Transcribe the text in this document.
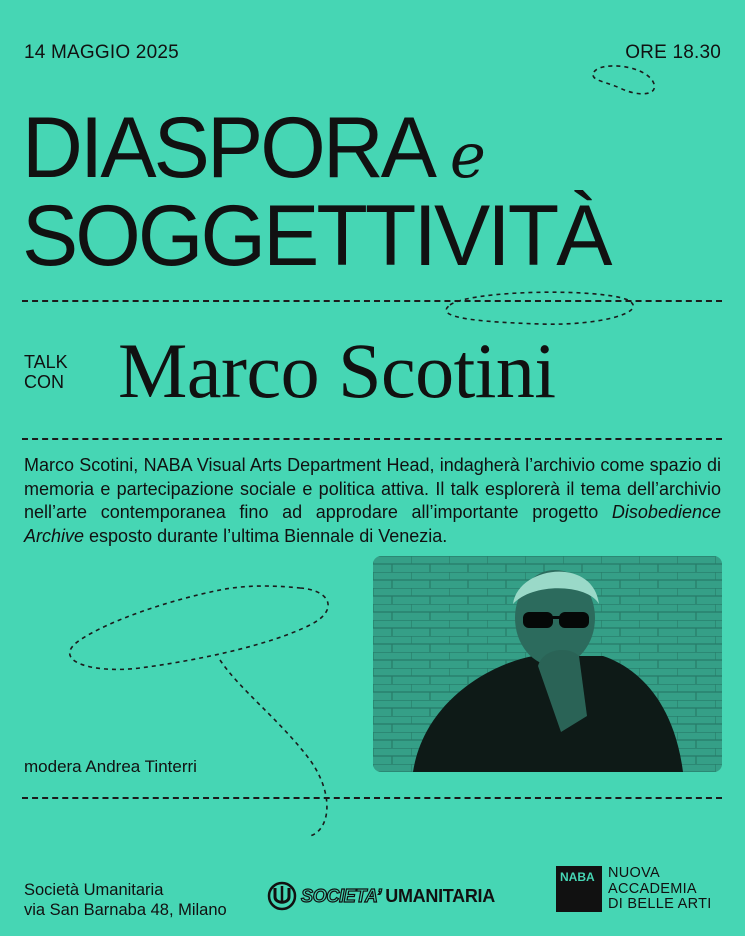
14 MAGGIO 2025	ORE 18.30
DIASPORA e
SOGGETTIVITÀ
TALK
CON Marco Scotini
Marco Scotini, NABA Visual Arts Department Head, indagherà l’archivio come spazio di memoria e partecipazione sociale e politica attiva. Il talk esplorerà il tema dell’archivio nell’arte contemporanea fino ad approdare all’importante progetto Disobedience Archive esposto durante l’ultima Biennale di Venezia.
modera Andrea Tinterri
Società Umanitaria
via San Barnaba 48, Milano
SOCIETA’ UMANITARIA
NABA NUOVA
ACCADEMIA
DI BELLE ARTI
